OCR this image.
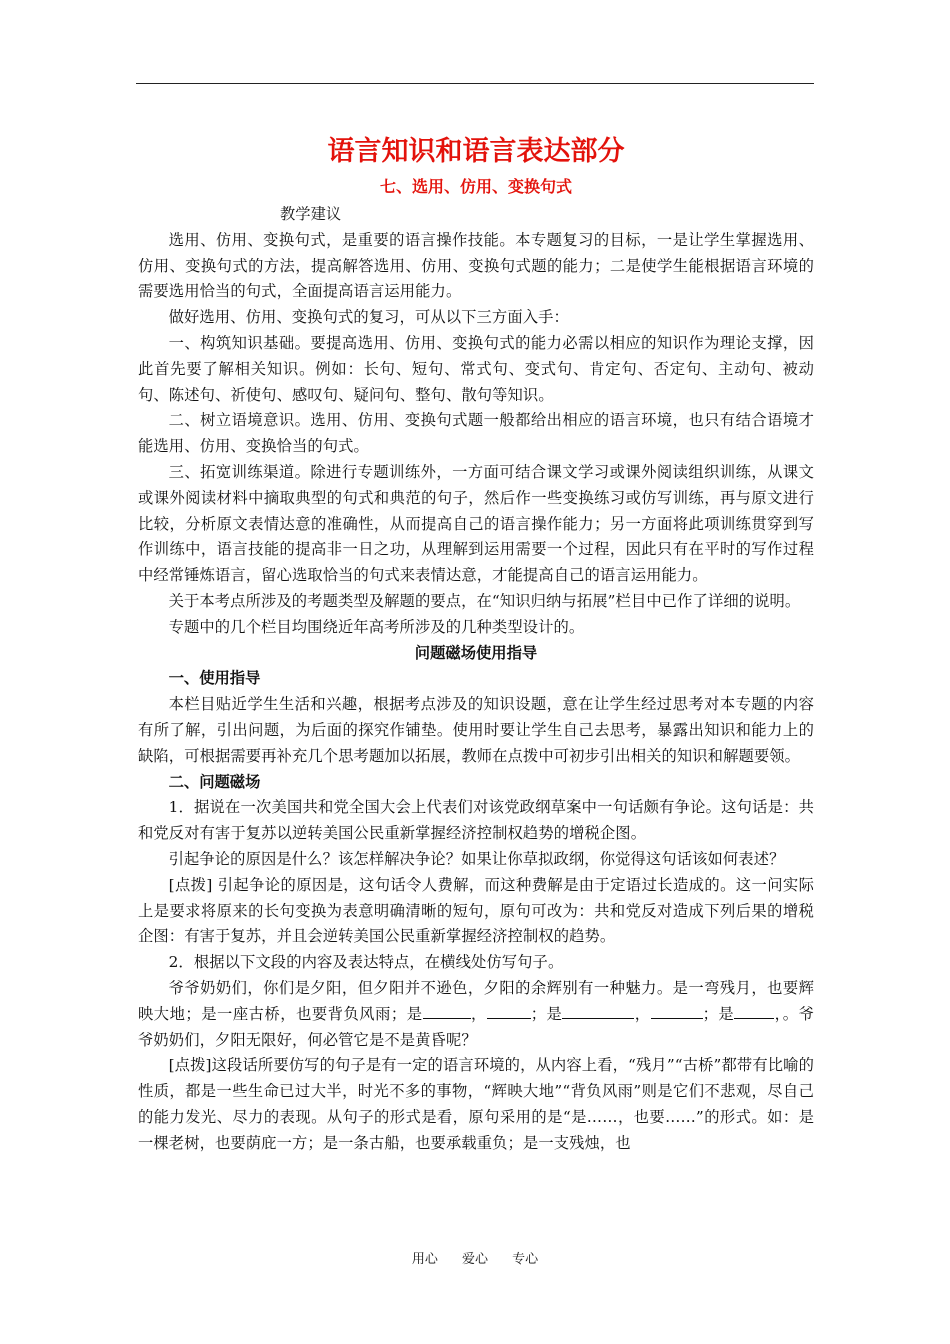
语言知识和语言表达部分
七、选用、仿用、变换句式

教学建议

选用、仿用、变换句式，是重要的语言操作技能。本专题复习的目标，一是让学生掌握选用、仿用、变换句式的方法，提高解答选用、仿用、变换句式题的能力；二是使学生能根据语言环境的需要选用恰当的句式，全面提高语言运用能力。

做好选用、仿用、变换句式的复习，可从以下三方面入手：

一、构筑知识基础。要提高选用、仿用、变换句式的能力必需以相应的知识作为理论支撑，因此首先要了解相关知识。例如：长句、短句、常式句、变式句、肯定句、否定句、主动句、被动句、陈述句、祈使句、感叹句、疑问句、整句、散句等知识。

二、树立语境意识。选用、仿用、变换句式题一般都给出相应的语言环境，也只有结合语境才能选用、仿用、变换恰当的句式。

三、拓宽训练渠道。除进行专题训练外，一方面可结合课文学习或课外阅读组织训练，从课文或课外阅读材料中摘取典型的句式和典范的句子，然后作一些变换练习或仿写训练，再与原文进行比较，分析原文表情达意的准确性，从而提高自己的语言操作能力；另一方面将此项训练贯穿到写作训练中，语言技能的提高非一日之功，从理解到运用需要一个过程，因此只有在平时的写作过程中经常锤炼语言，留心选取恰当的句式来表情达意，才能提高自己的语言运用能力。

关于本考点所涉及的考题类型及解题的要点，在“知识归纳与拓展”栏目中已作了详细的说明。

专题中的几个栏目均围绕近年高考所涉及的几种类型设计的。

问题磁场使用指导

一、使用指导

本栏目贴近学生生活和兴趣，根据考点涉及的知识设题，意在让学生经过思考对本专题的内容有所了解，引出问题，为后面的探究作铺垫。使用时要让学生自己去思考，暴露出知识和能力上的缺陷，可根据需要再补充几个思考题加以拓展，教师在点拨中可初步引出相关的知识和解题要领。

二、问题磁场

1．据说在一次美国共和党全国大会上代表们对该党政纲草案中一句话颇有争论。这句话是：共和党反对有害于复苏以逆转美国公民重新掌握经济控制权趋势的增税企图。

引起争论的原因是什么？该怎样解决争论？如果让你草拟政纲，你觉得这句话该如何表述？

[点拨] 引起争论的原因是，这句话令人费解，而这种费解是由于定语过长造成的。这一问实际上是要求将原来的长句变换为表意明确清晰的短句，原句可改为：共和党反对造成下列后果的增税企图：有害于复苏，并且会逆转美国公民重新掌握经济控制权的趋势。

2．根据以下文段的内容及表达特点，在横线处仿写句子。

爷爷奶奶们，你们是夕阳，但夕阳并不逊色，夕阳的余辉别有一种魅力。是一弯残月，也要辉映大地；是一座古桥，也要背负风雨；是	，	；是	，	；是	，。爷爷奶奶们，夕阳无限好，何必管它是不是黄昏呢？

[点拨]这段话所要仿写的句子是有一定的语言环境的，从内容上看，“残月”“古桥”都带有比喻的性质，都是一些生命已过大半，时光不多的事物，“辉映大地”“背负风雨”则是它们不悲观，尽自己的能力发光、尽力的表现。从句子的形式是看，原句采用的是“是……，也要……”的形式。如：是一棵老树，也要荫庇一方；是一条古船，也要承载重负；是一支残烛，也

用心 爱心 专心
